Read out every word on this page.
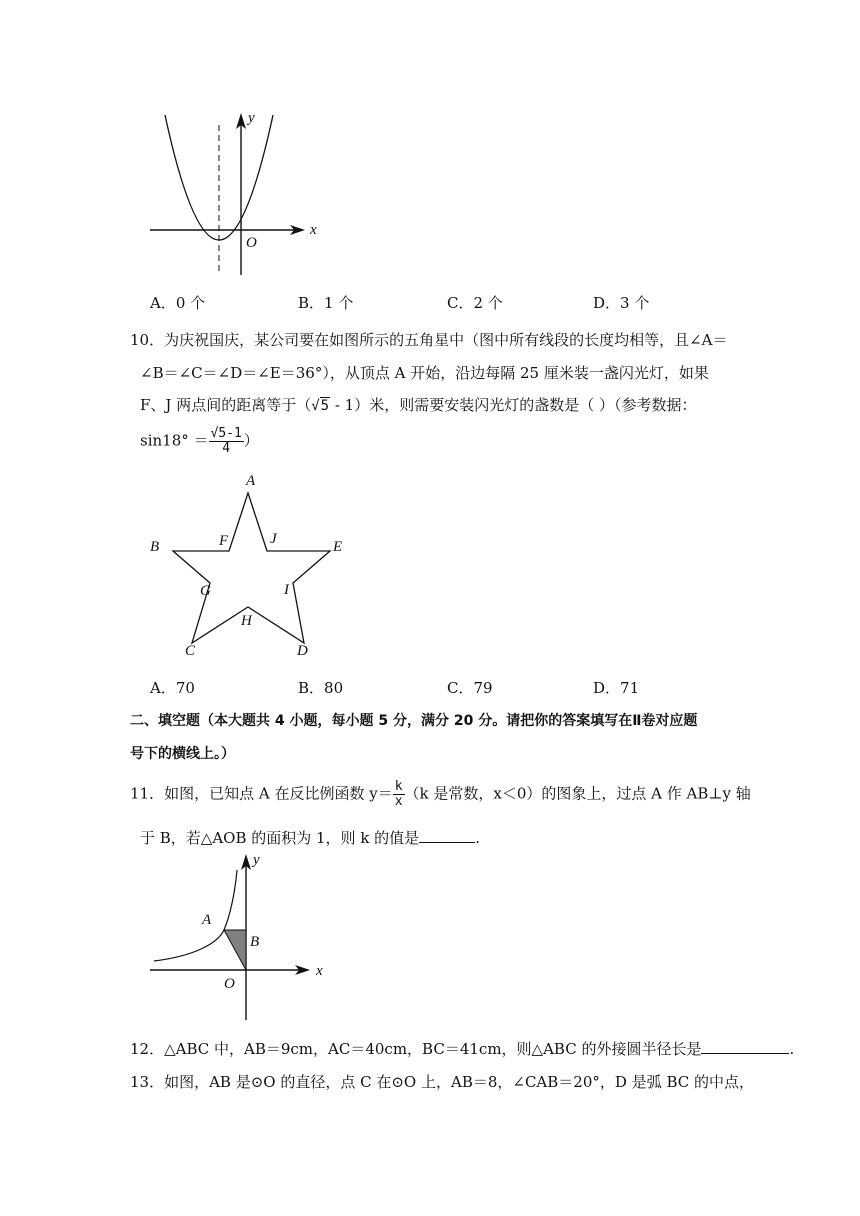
x
y
O
A．0 个	B．1 个	C．2 个	D．3 个
10．为庆祝国庆，某公司要在如图所示的五角星中（图中所有线段的长度均相等，且∠A＝
∠B＝∠C＝∠D＝∠E＝36°），从顶点 A 开始，沿边每隔 25 厘米装一盏闪光灯，如果
F、J 两点间的距离等于（√5 - 1）米，则需要安装闪光灯的盏数是（ ）（参考数据：
$\sin 18^\circ = \frac{√5-1}{4}$ ）
A
B
C	D
E
F
G
H
I
J
A．70	B．80	C．79	D．71
二、填空题（本大题共 4 小题，每小题 5 分，满分 20 分。请把你的答案填写在Ⅱ卷对应题
号下的横线上。）
11．如图，已知点 A 在反比例函数 $y= \frac{k}{x} (k$ 是常数，x＜0）的图象上，过点 A 作 AB⊥y 轴
于 B，若△AOB 的面积为 1，则 k 的值是	.
x
y
O
A
B
12．△ABC 中，AB＝9cm，AC＝40cm，BC＝41cm，则△ABC 的外接圆半径长是	.
13．如图，AB 是⊙O 的直径，点 C 在⊙O 上，AB＝8，∠CAB＝20°，D 是弧 BC 的中点，
